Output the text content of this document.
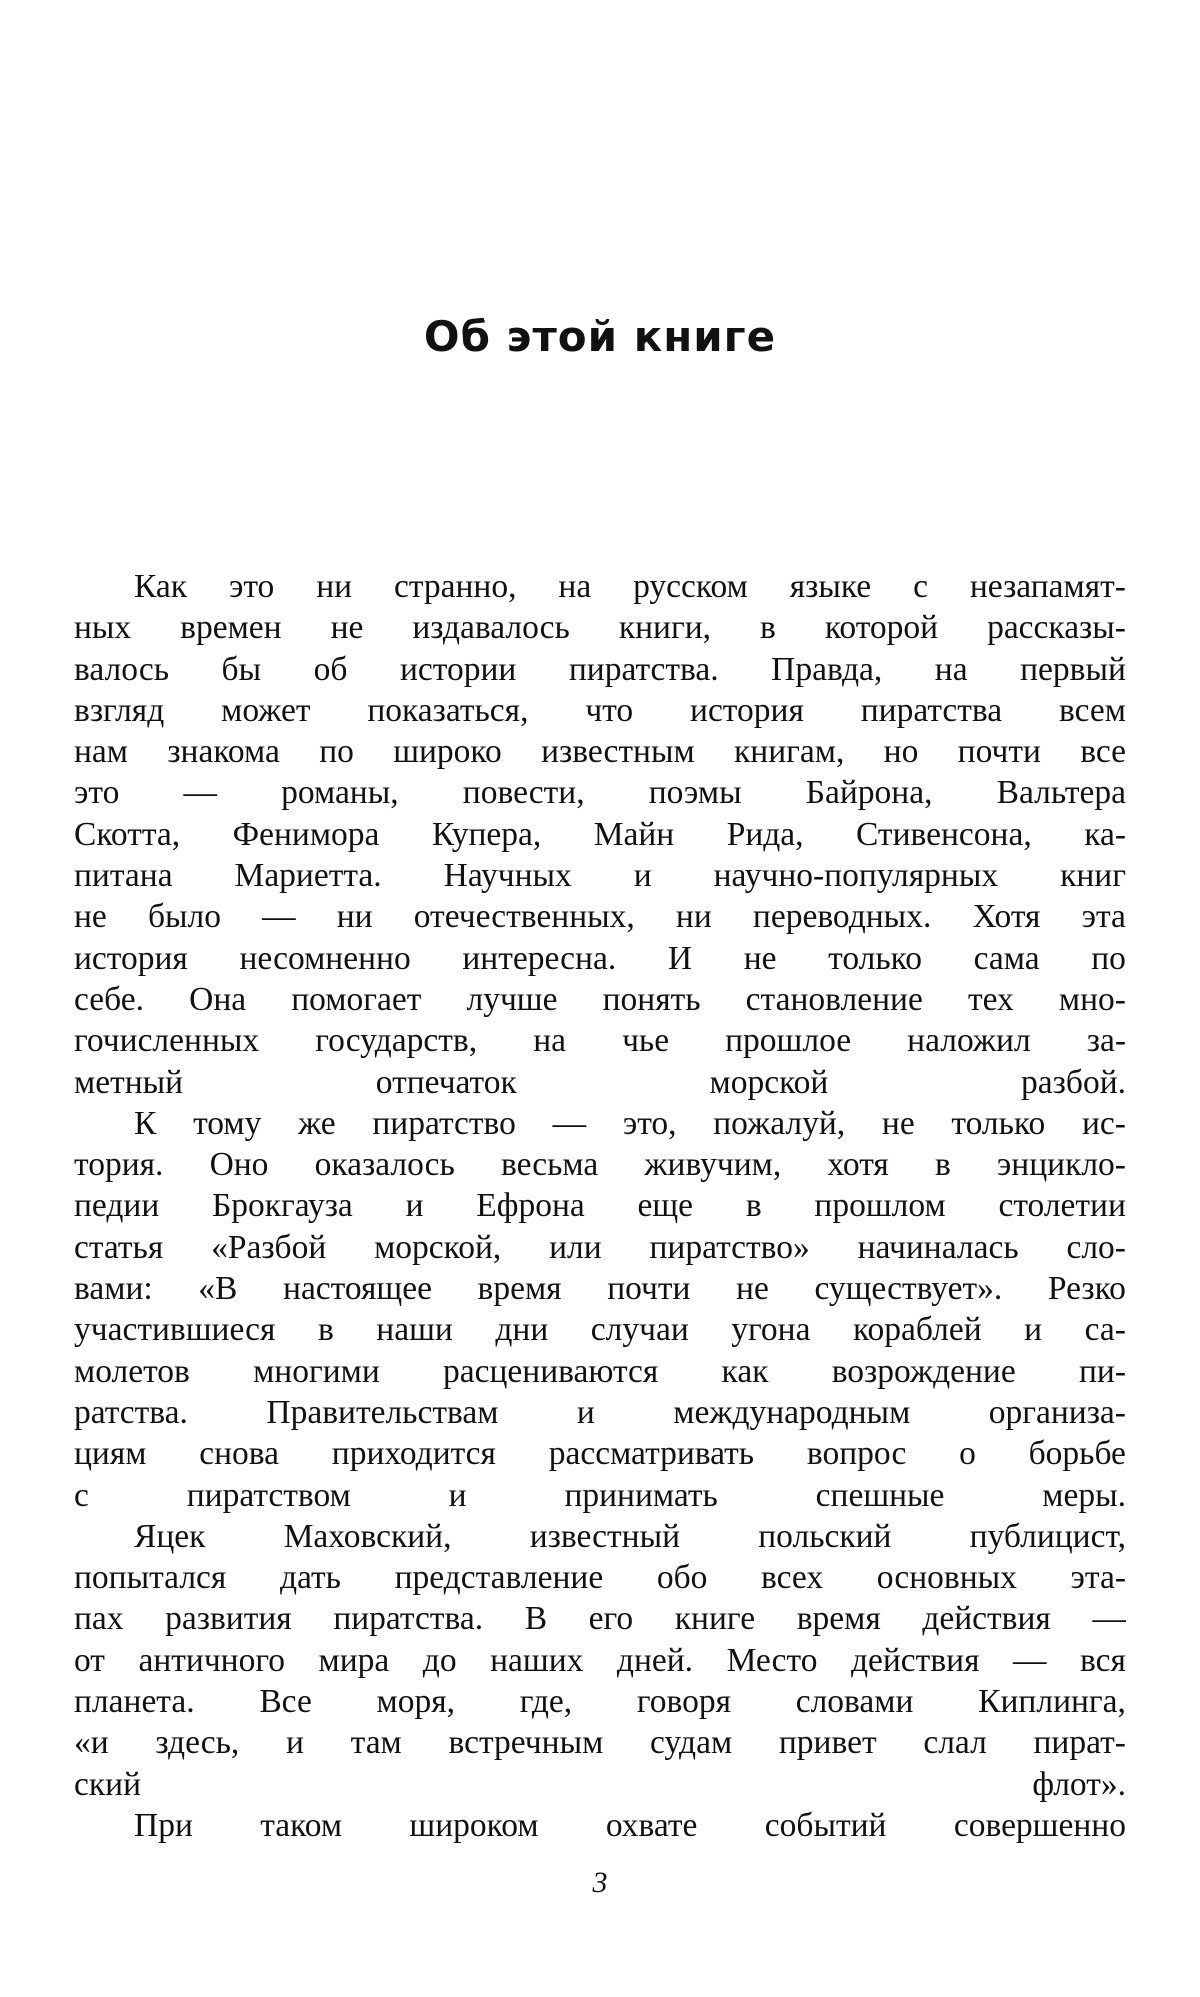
Об этой книге
Как это ни странно, на русском языке с незапамят-
ных времен не издавалось книги, в которой рассказы-
валось бы об истории пиратства. Правда, на первый
взгляд может показаться, что история пиратства всем
нам знакома по широко известным книгам, но почти все
это — романы, повести, поэмы Байрона, Вальтера
Скотта, Фенимора Купера, Майн Рида, Стивенсона, ка-
питана Мариетта. Научных и научно-популярных книг
не было — ни отечественных, ни переводных. Хотя эта
история несомненно интересна. И не только сама по
себе. Она помогает лучше понять становление тех мно-
гочисленных государств, на чье прошлое наложил за-
метный отпечаток морской разбой.
К тому же пиратство — это, пожалуй, не только ис-
тория. Оно оказалось весьма живучим, хотя в энцикло-
педии Брокгауза и Ефрона еще в прошлом столетии
статья «Разбой морской, или пиратство» начиналась сло-
вами: «В настоящее время почти не существует». Резко
участившиеся в наши дни случаи угона кораблей и са-
молетов многими расцениваются как возрождение пи-
ратства. Правительствам и международным организа-
циям снова приходится рассматривать вопрос о борьбе
с пиратством и принимать спешные меры.
Яцек Маховский, известный польский публицист,
попытался дать представление обо всех основных эта-
пах развития пиратства. В его книге время действия —
от античного мира до наших дней. Место действия — вся
планета. Все моря, где, говоря словами Киплинга,
«и здесь, и там встречным судам привет слал пират-
ский флот».
При таком широком охвате событий совершенно
3
